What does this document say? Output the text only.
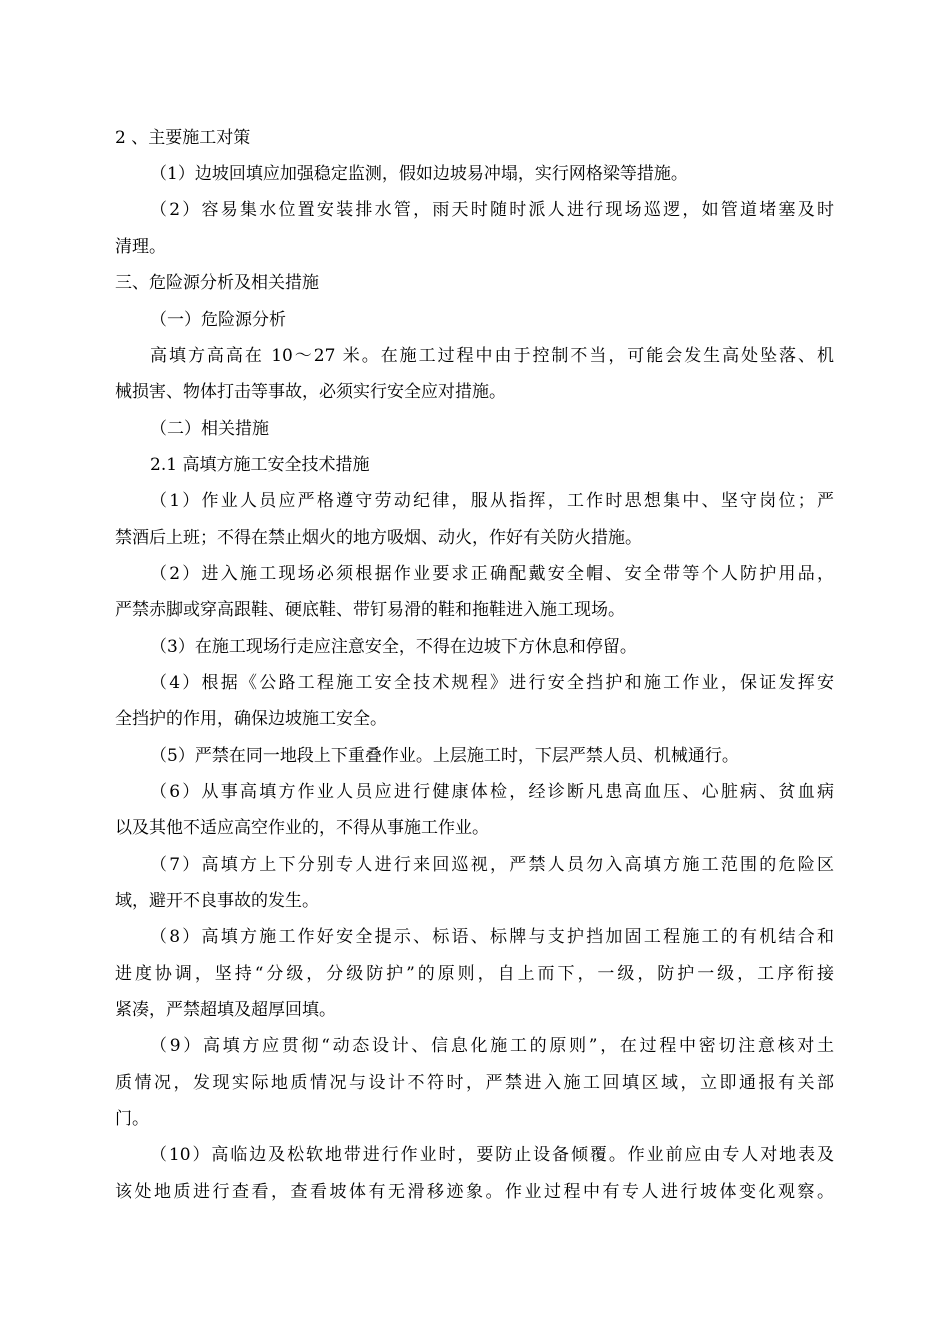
2 、主要施工对策
（1）边坡回填应加强稳定监测，假如边坡易冲塌，实行网格梁等措施。
（2）容易集水位置安装排水管，雨天时随时派人进行现场巡逻，如管道堵塞及时
清理。
三、危险源分析及相关措施
（一）危险源分析
高填方高高在 10～27 米。在施工过程中由于控制不当，可能会发生高处坠落、机
械损害、物体打击等事故，必须实行安全应对措施。
（二）相关措施
2.1 高填方施工安全技术措施
（1）作业人员应严格遵守劳动纪律，服从指挥，工作时思想集中、坚守岗位；严
禁酒后上班；不得在禁止烟火的地方吸烟、动火，作好有关防火措施。
（2）进入施工现场必须根据作业要求正确配戴安全帽、安全带等个人防护用品，
严禁赤脚或穿高跟鞋、硬底鞋、带钉易滑的鞋和拖鞋进入施工现场。
（3）在施工现场行走应注意安全，不得在边坡下方休息和停留。
（4）根据《公路工程施工安全技术规程》进行安全挡护和施工作业，保证发挥安
全挡护的作用，确保边坡施工安全。
（5）严禁在同一地段上下重叠作业。上层施工时，下层严禁人员、机械通行。
（6）从事高填方作业人员应进行健康体检，经诊断凡患高血压、心脏病、贫血病
以及其他不适应高空作业的，不得从事施工作业。
（7）高填方上下分别专人进行来回巡视，严禁人员勿入高填方施工范围的危险区
域，避开不良事故的发生。
（8）高填方施工作好安全提示、标语、标牌与支护挡加固工程施工的有机结合和
进度协调，坚持“分级，分级防护”的原则，自上而下，一级，防护一级，工序衔接
紧凑，严禁超填及超厚回填。
（9）高填方应贯彻“动态设计、信息化施工的原则”，在过程中密切注意核对土
质情况，发现实际地质情况与设计不符时，严禁进入施工回填区域，立即通报有关部
门。
（10）高临边及松软地带进行作业时，要防止设备倾覆。作业前应由专人对地表及
该处地质进行查看，查看坡体有无滑移迹象。作业过程中有专人进行坡体变化观察。
